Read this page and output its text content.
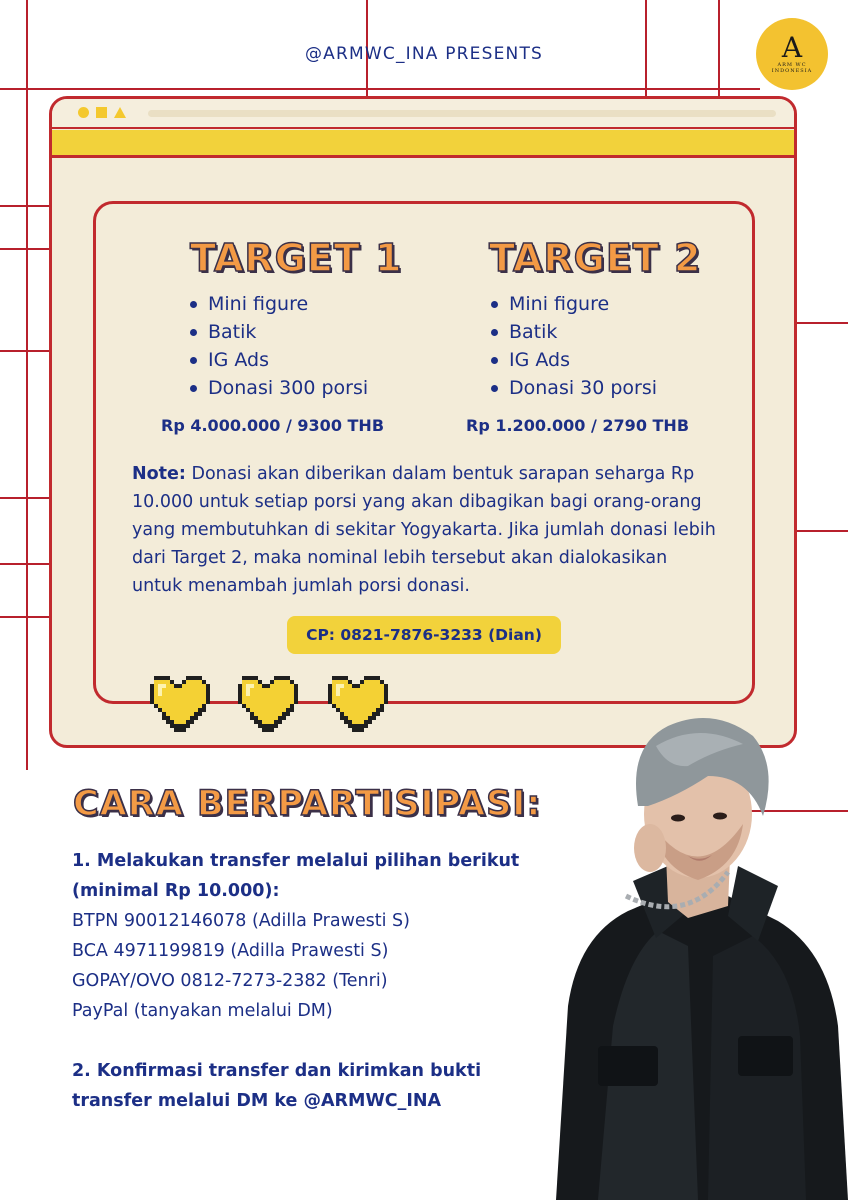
@ARMWC_INA PRESENTS	A
ARM WC
INDONESIA
TARGET 1
Mini figure
Batik
IG Ads
Donasi 300 porsi
Rp 4.000.000 / 9300 THB
TARGET 2
Mini figure
Batik
IG Ads
Donasi 30 porsi
Rp 1.200.000 / 2790 THB
Note: Donasi akan diberikan dalam bentuk sarapan seharga Rp 10.000 untuk setiap porsi yang akan dibagikan bagi orang-orang yang membutuhkan di sekitar Yogyakarta. Jika jumlah donasi lebih dari Target 2, maka nominal lebih tersebut akan dialokasikan untuk menambah jumlah porsi donasi.
CP: 0821-7876-3233 (Dian)
CARA BERPARTISIPASI:
1. Melakukan transfer melalui pilihan berikut
(minimal Rp 10.000):
BTPN 90012146078 (Adilla Prawesti S)
BCA 4971199819 (Adilla Prawesti S)
GOPAY/OVO 0812-7273-2382 (Tenri)
PayPal (tanyakan melalui DM)
2. Konfirmasi transfer dan kirimkan bukti
transfer melalui DM ke @ARMWC_INA
